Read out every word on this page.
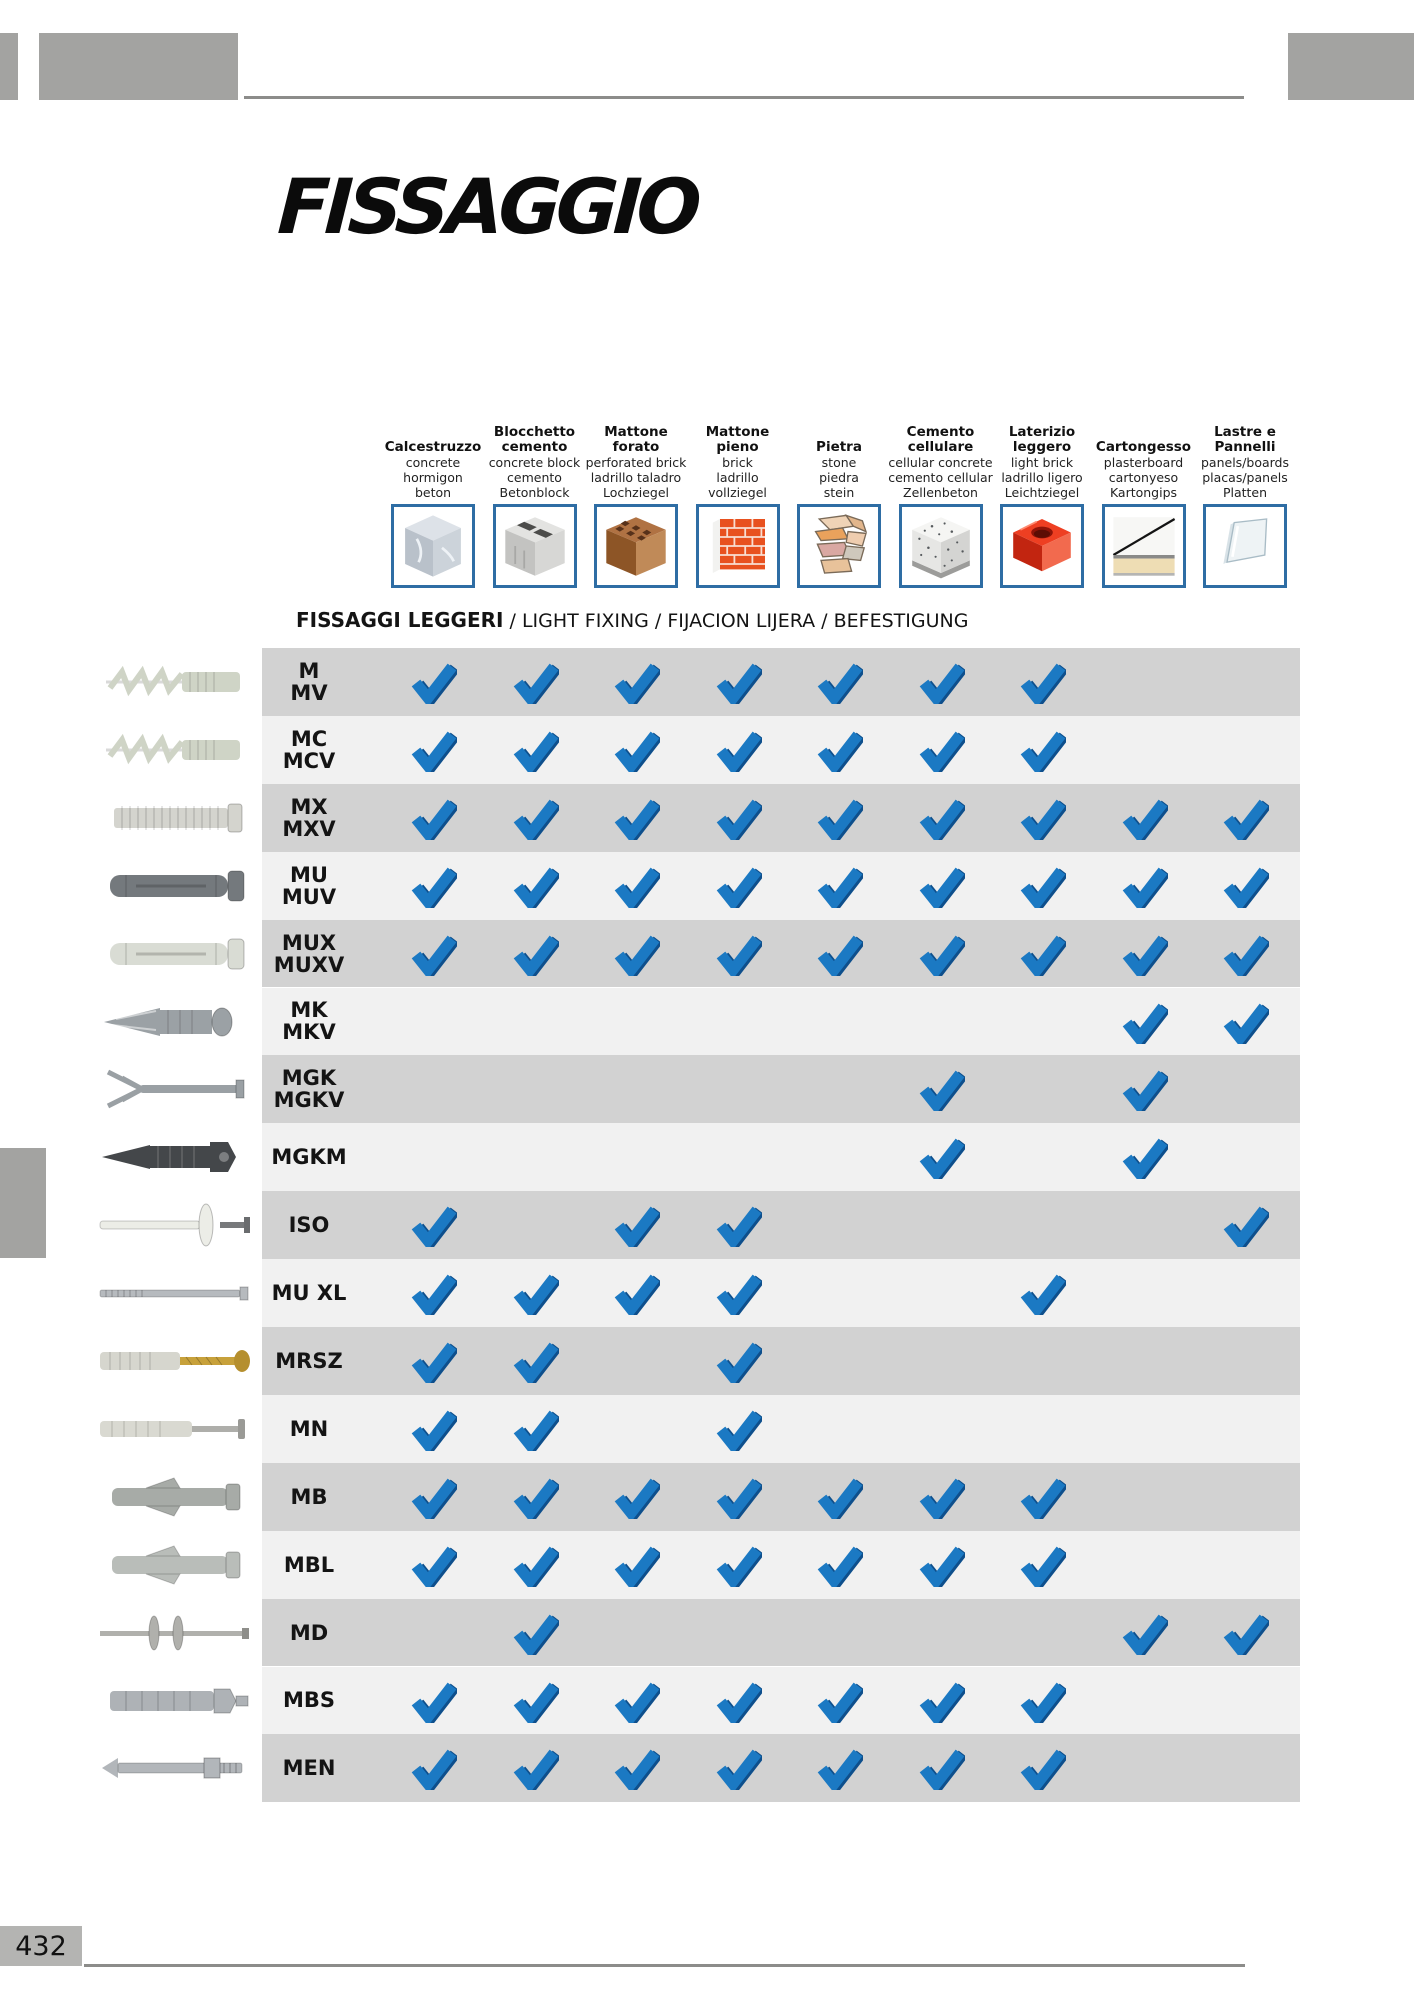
FISSAGGIO
FISSAGGI LEGGERI / LIGHT FIXING / FIJACION LIJERA / BEFESTIGUNG
432
Calcestruzzo
concrete
hormigon
beton
Blocchetto
cemento
concrete block
cemento
Betonblock
Mattone
forato
perforated brick
ladrillo taladro
Lochziegel
Mattone
pieno
brick
ladrillo
vollziegel
Pietra
stone
piedra
stein
Cemento
cellulare
cellular concrete
cemento cellular
Zellenbeton
Laterizio
leggero
light brick
ladrillo ligero
Leichtziegel
Cartongesso
plasterboard
cartonyeso
Kartongips
Lastre e
Pannelli
panels/boards
placas/panels
Platten
M
MV
MC
MCV
MX
MXV
MU
MUV
MUX
MUXV
MK
MKV
MGK
MGKV
MGKM
ISO
MU XL
MRSZ
MN
MB
MBL
MD
MBS
MEN
